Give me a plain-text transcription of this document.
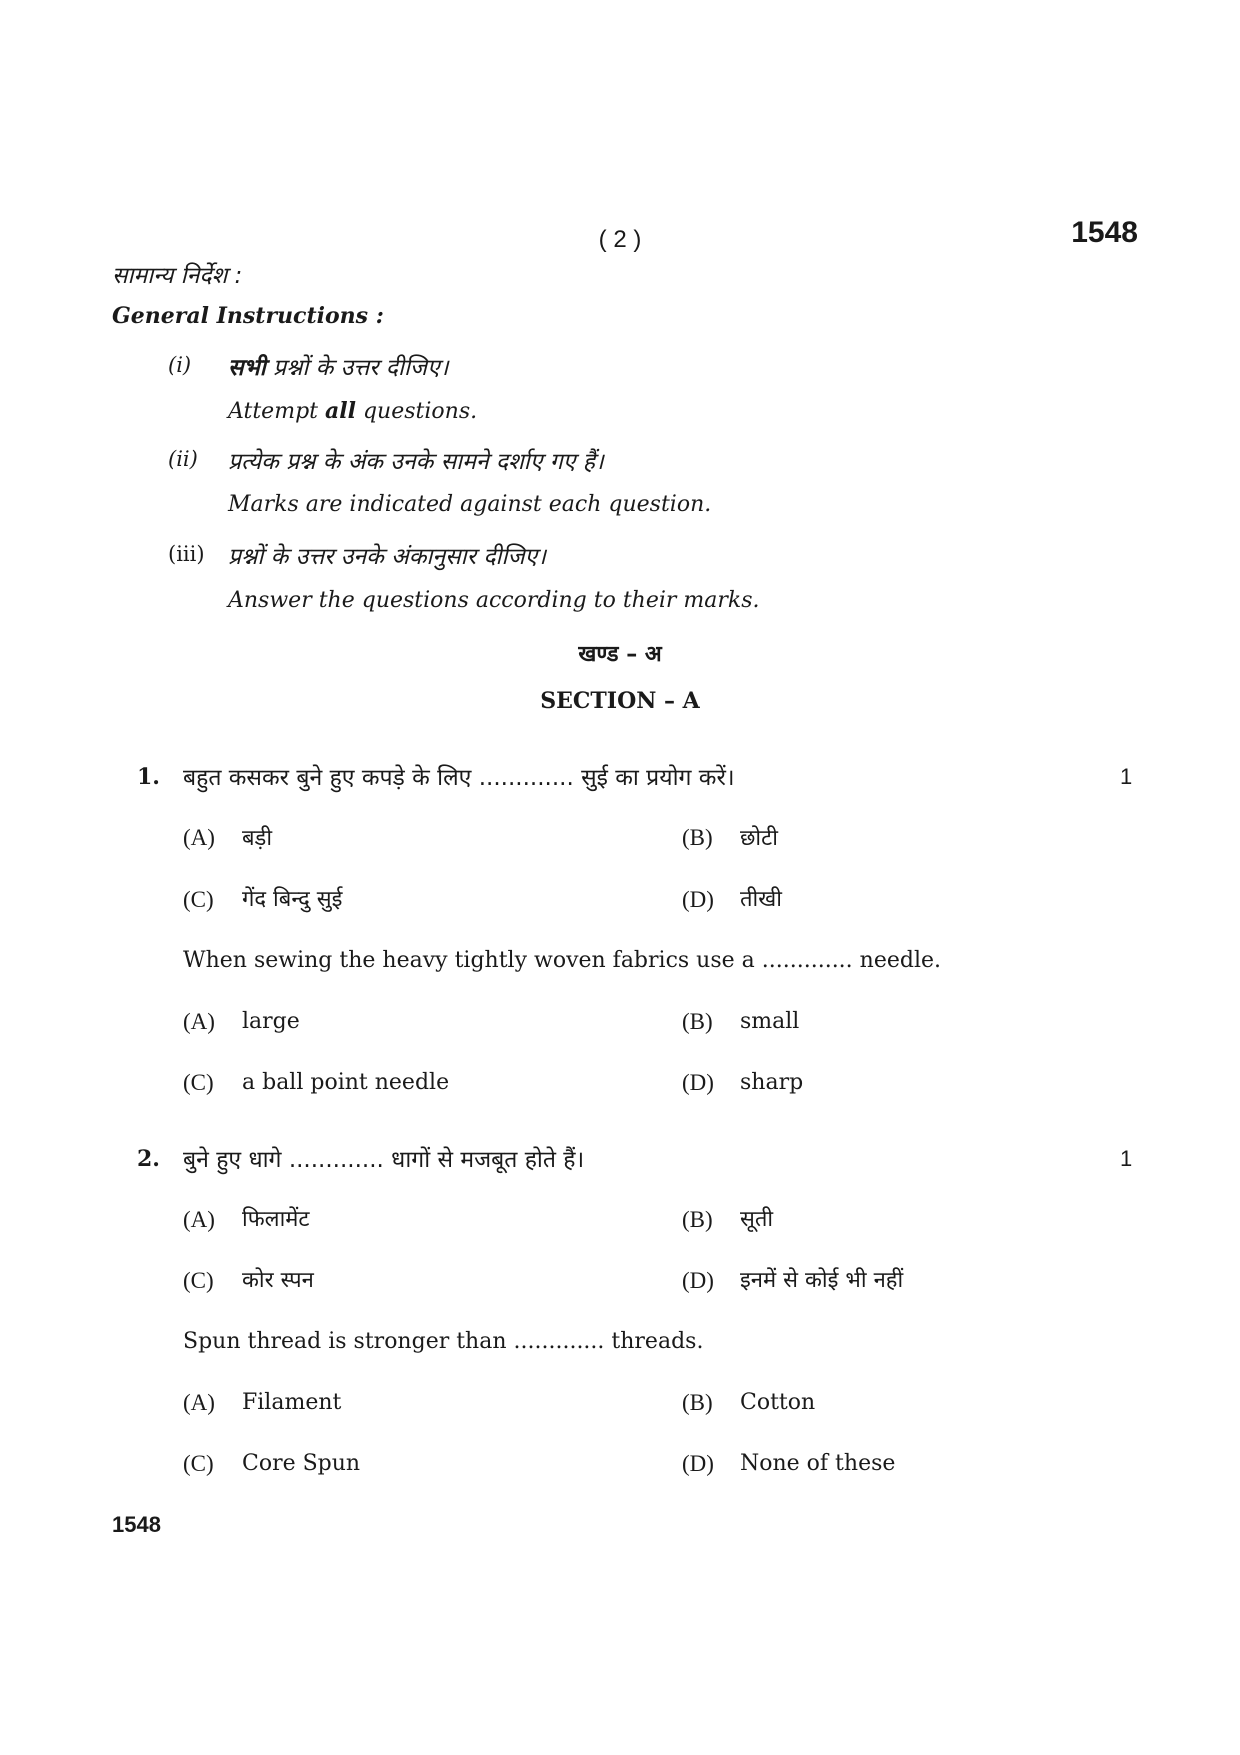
( 2 )	1548
सामान्य निर्देश :
General Instructions :
(i) सभी प्रश्नों के उत्तर दीजिए।
Attempt all questions.
(ii) प्रत्येक प्रश्न के अंक उनके सामने दर्शाए गए हैं।
Marks are indicated against each question.
(iii) प्रश्नों के उत्तर उनके अंकानुसार दीजिए।
Answer the questions according to their marks.
खण्ड – अ
SECTION – A
1. बहुत कसकर बुने हुए कपड़े के लिए ............. सुई का प्रयोग करें।	1
(A) बड़ी	(B) छोटी
(C) गेंद बिन्दु सुई	(D) तीखी
When sewing the heavy tightly woven fabrics use a ............. needle.
(A) large	(B) small
(C) a ball point needle	(D) sharp
2. बुने हुए धागे ............. धागों से मजबूत होते हैं।	1
(A) फिलामेंट	(B) सूती
(C) कोर स्पन	(D) इनमें से कोई भी नहीं
Spun thread is stronger than ............. threads.
(A) Filament	(B) Cotton
(C) Core Spun	(D) None of these
1548
